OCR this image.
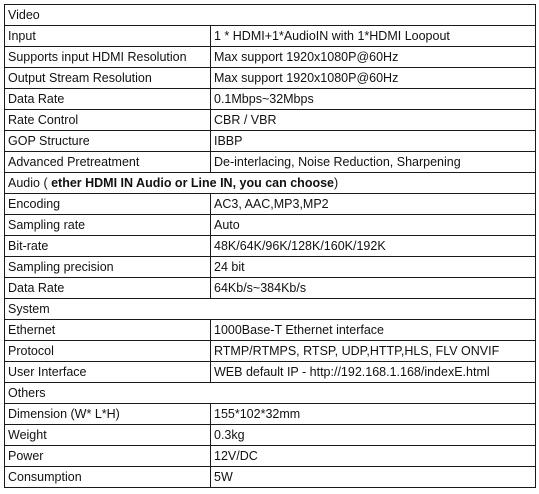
Video	
Input	1 * HDMI+1*AudioIN with 1*HDMI Loopout
Supports input HDMI Resolution	Max support 1920x1080P@60Hz
Output Stream Resolution	Max support 1920x1080P@60Hz
Data Rate	0.1Mbps~32Mbps
Rate Control	CBR / VBR
GOP Structure	IBBP
Advanced Pretreatment	De-interlacing, Noise Reduction, Sharpening
Audio ( ether HDMI IN Audio or Line IN, you can choose)	
Encoding	AC3, AAC,MP3,MP2
Sampling rate	Auto
Bit-rate	48K/64K/96K/128K/160K/192K
Sampling precision	24 bit
Data Rate	64Kb/s~384Kb/s
System	
Ethernet	1000Base-T Ethernet interface
Protocol	RTMP/RTMPS, RTSP, UDP,HTTP,HLS, FLV ONVIF
User Interface	WEB default IP - http://192.168.1.168/indexE.html
Others	
Dimension (W* L*H)	155*102*32mm
Weight	0.3kg
Power	12V/DC
Consumption	5W
